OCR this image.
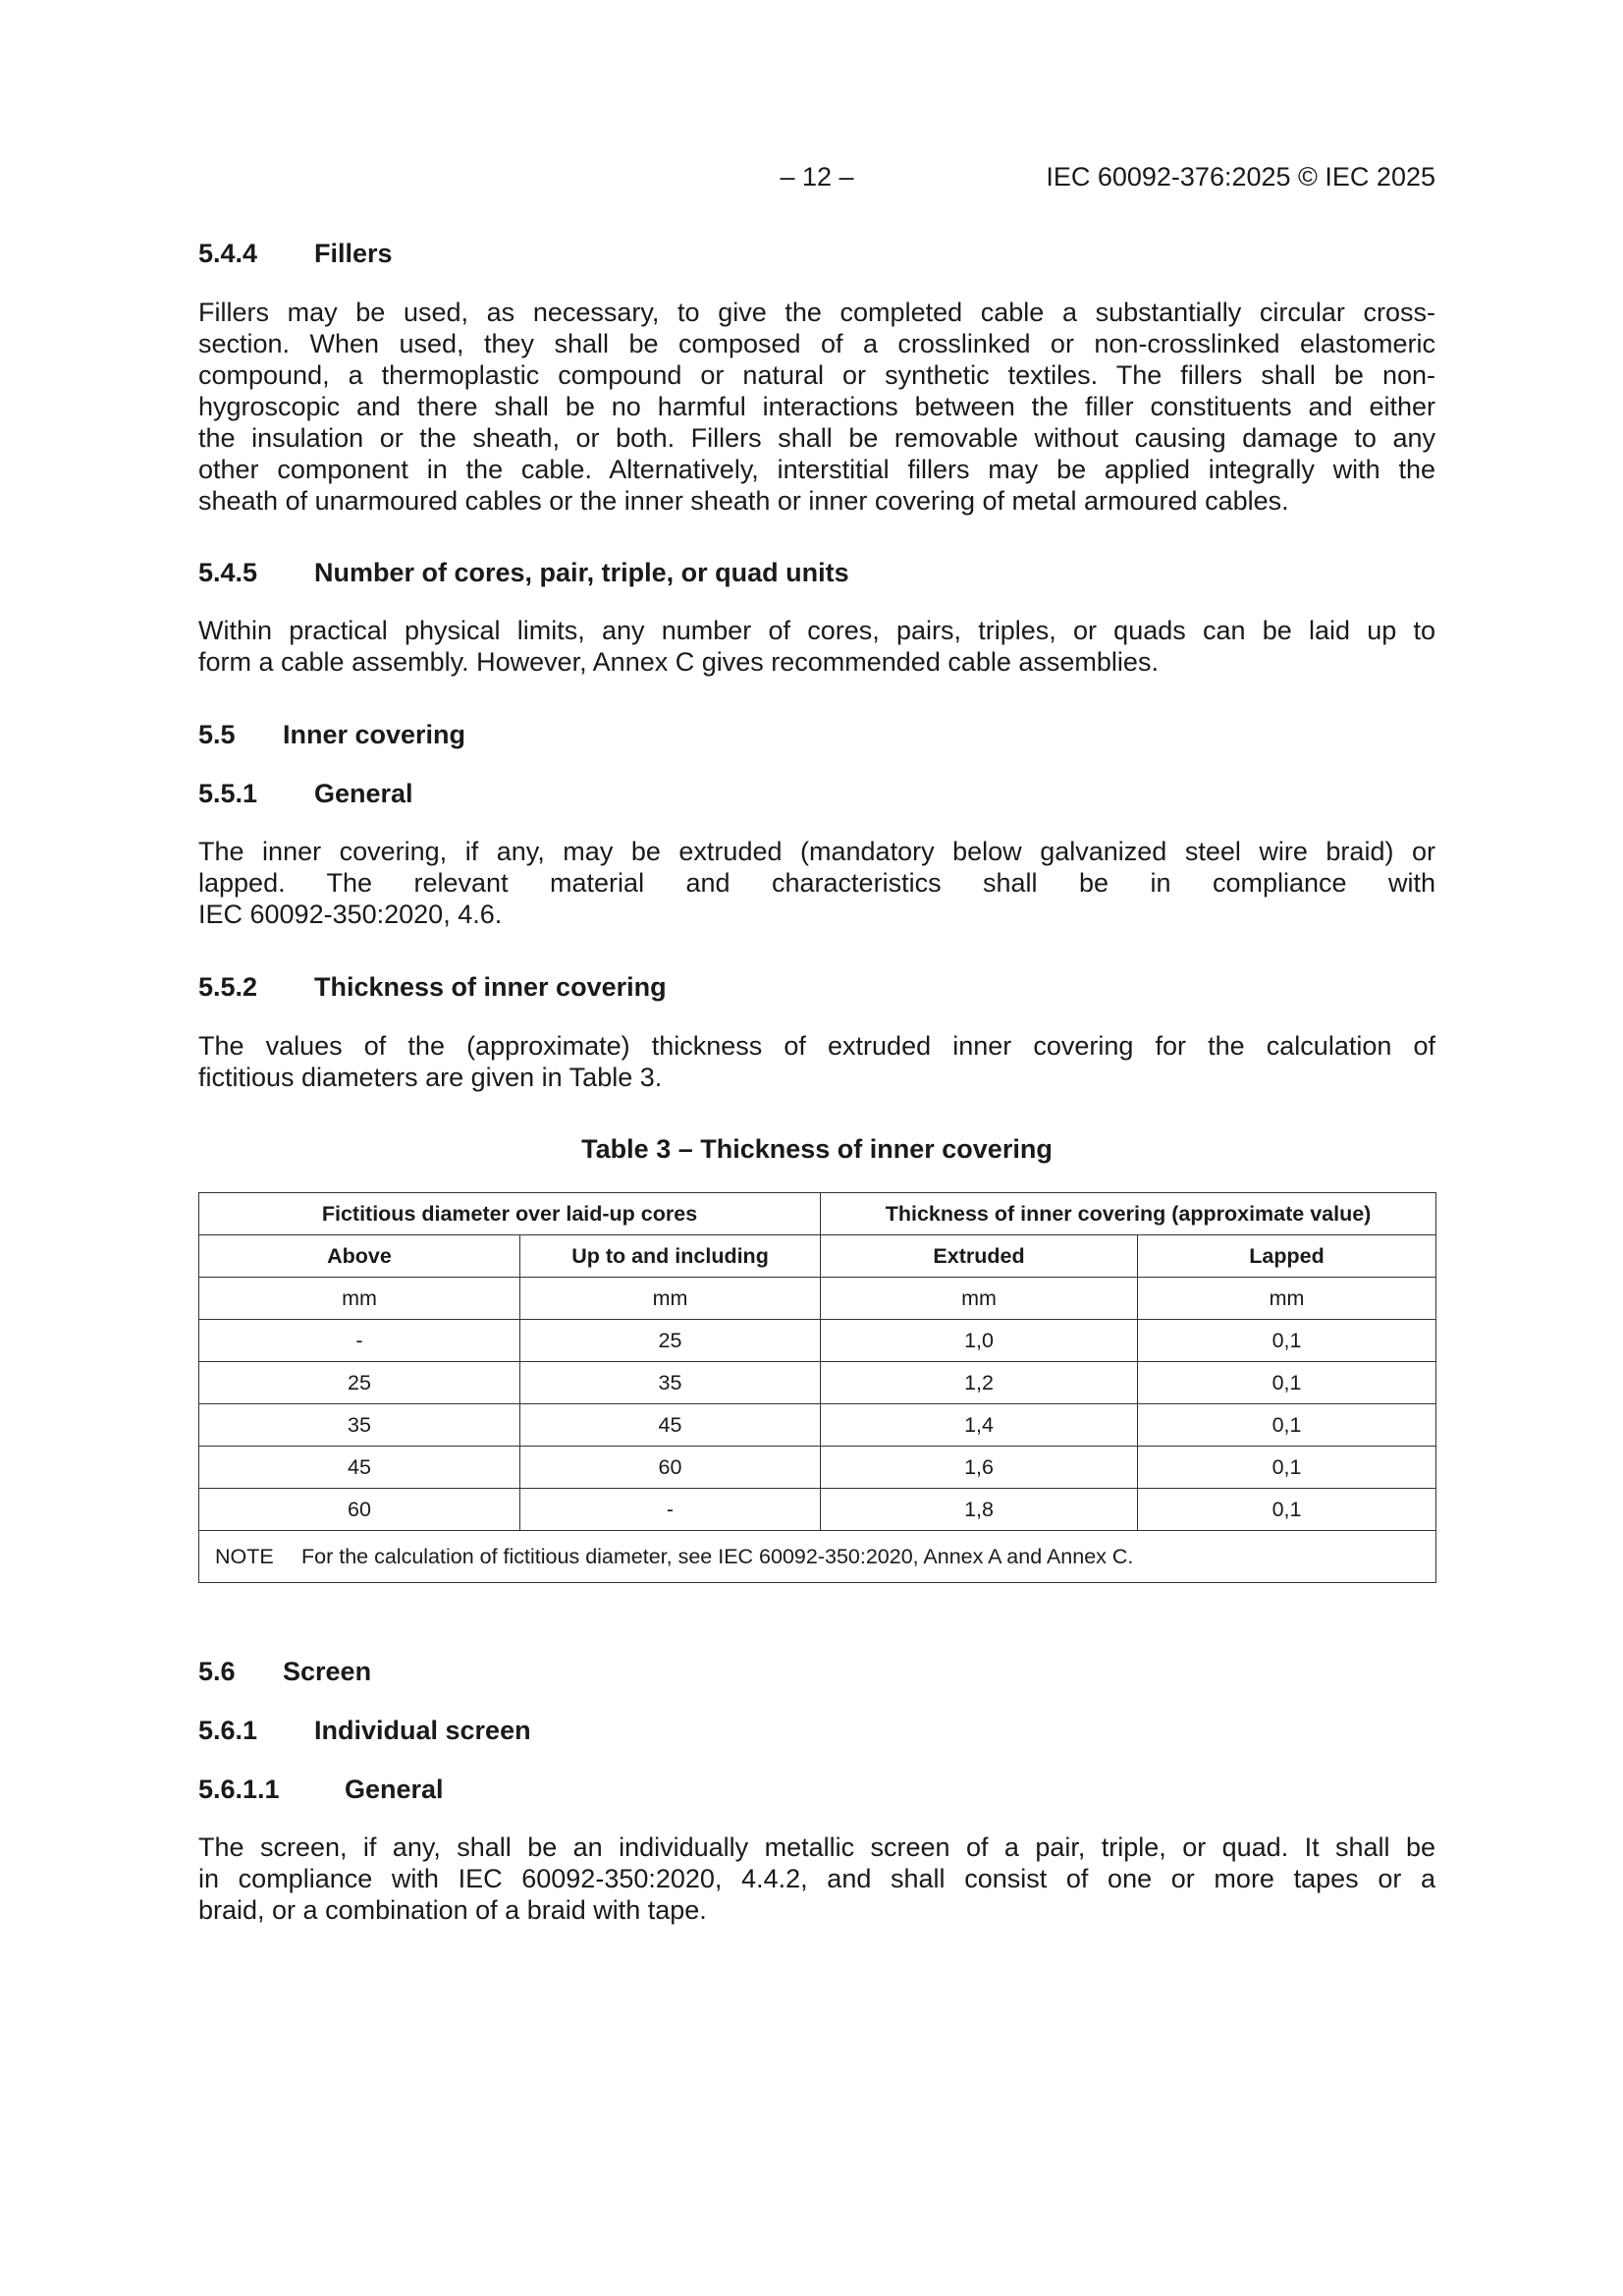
– 12 –	IEC 60092-376:2025 © IEC 2025
5.4.4 Fillers
Fillers may be used, as necessary, to give the completed cable a substantially circular cross-
section. When used, they shall be composed of a crosslinked or non-crosslinked elastomeric
compound, a thermoplastic compound or natural or synthetic textiles. The fillers shall be non-
hygroscopic and there shall be no harmful interactions between the filler constituents and either
the insulation or the sheath, or both. Fillers shall be removable without causing damage to any
other component in the cable. Alternatively, interstitial fillers may be applied integrally with the
sheath of unarmoured cables or the inner sheath or inner covering of metal armoured cables.
5.4.5 Number of cores, pair, triple, or quad units
Within practical physical limits, any number of cores, pairs, triples, or quads can be laid up to
form a cable assembly. However, Annex C gives recommended cable assemblies.
5.5 Inner covering
5.5.1 General
The inner covering, if any, may be extruded (mandatory below galvanized steel wire braid) or
lapped. The relevant material and characteristics shall be in compliance with
IEC 60092-350:2020, 4.6.
5.5.2 Thickness of inner covering
The values of the (approximate) thickness of extruded inner covering for the calculation of
fictitious diameters are given in Table 3.
Table 3 – Thickness of inner covering
Fictitious diameter over laid-up cores		Thickness of inner covering (approximate value)	
Above	Up to and including	Extruded	Lapped
mm	mm	mm	mm
-	25	1,0	0,1
25	35	1,2	0,1
35	45	1,4	0,1
45	60	1,6	0,1
60	-	1,8	0,1
NOTE For the calculation of fictitious diameter, see IEC 60092-350:2020, Annex A and Annex C.			
5.6 Screen
5.6.1 Individual screen
5.6.1.1 General
The screen, if any, shall be an individually metallic screen of a pair, triple, or quad. It shall be
in compliance with IEC 60092-350:2020, 4.4.2, and shall consist of one or more tapes or a
braid, or a combination of a braid with tape.
